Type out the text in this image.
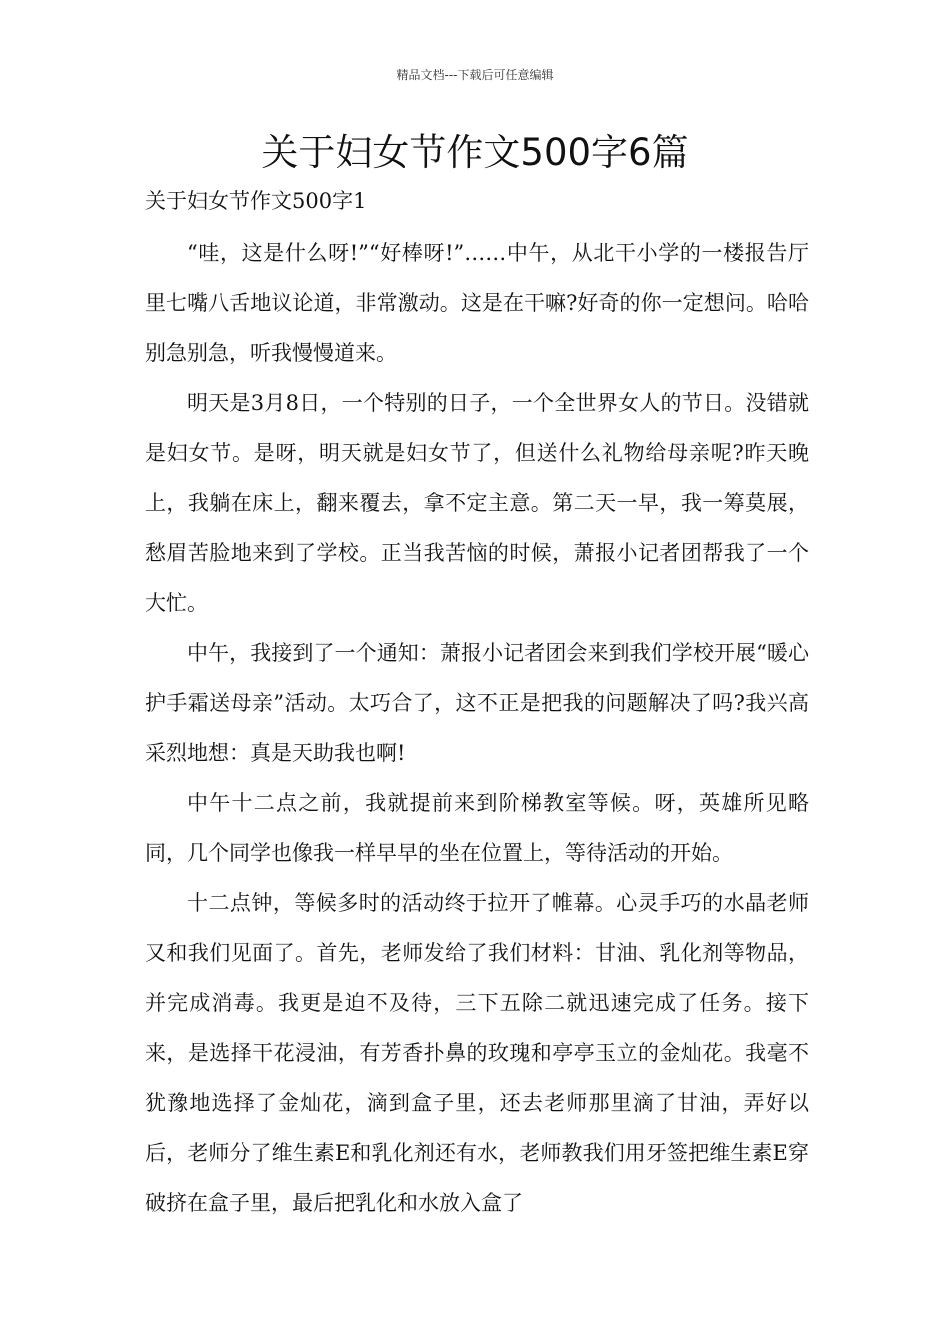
精品文档---下载后可任意编辑
关于妇女节作文500字6篇
关于妇女节作文500字1

“哇，这是什么呀!”“好棒呀!”……中午，从北干小学的一楼报告厅里七嘴八舌地议论道，非常激动。这是在干嘛?好奇的你一定想问。哈哈别急别急，听我慢慢道来。

明天是3月8日，一个特别的日子，一个全世界女人的节日。没错就是妇女节。是呀，明天就是妇女节了，但送什么礼物给母亲呢?昨天晚上，我躺在床上，翻来覆去，拿不定主意。第二天一早，我一筹莫展，愁眉苦脸地来到了学校。正当我苦恼的时候，萧报小记者团帮我了一个大忙。

中午，我接到了一个通知：萧报小记者团会来到我们学校开展“暖心护手霜送母亲”活动。太巧合了，这不正是把我的问题解决了吗?我兴高采烈地想：真是天助我也啊!

中午十二点之前，我就提前来到阶梯教室等候。呀，英雄所见略同，几个同学也像我一样早早的坐在位置上，等待活动的开始。

十二点钟，等候多时的活动终于拉开了帷幕。心灵手巧的水晶老师又和我们见面了。首先，老师发给了我们材料：甘油、乳化剂等物品，并完成消毒。我更是迫不及待，三下五除二就迅速完成了任务。接下来，是选择干花浸油，有芳香扑鼻的玫瑰和亭亭玉立的金灿花。我毫不犹豫地选择了金灿花，滴到盒子里，还去老师那里滴了甘油，弄好以后，老师分了维生素E和乳化剂还有水，老师教我们用牙签把维生素E穿破挤在盒子里，最后把乳化和水放入盒了
